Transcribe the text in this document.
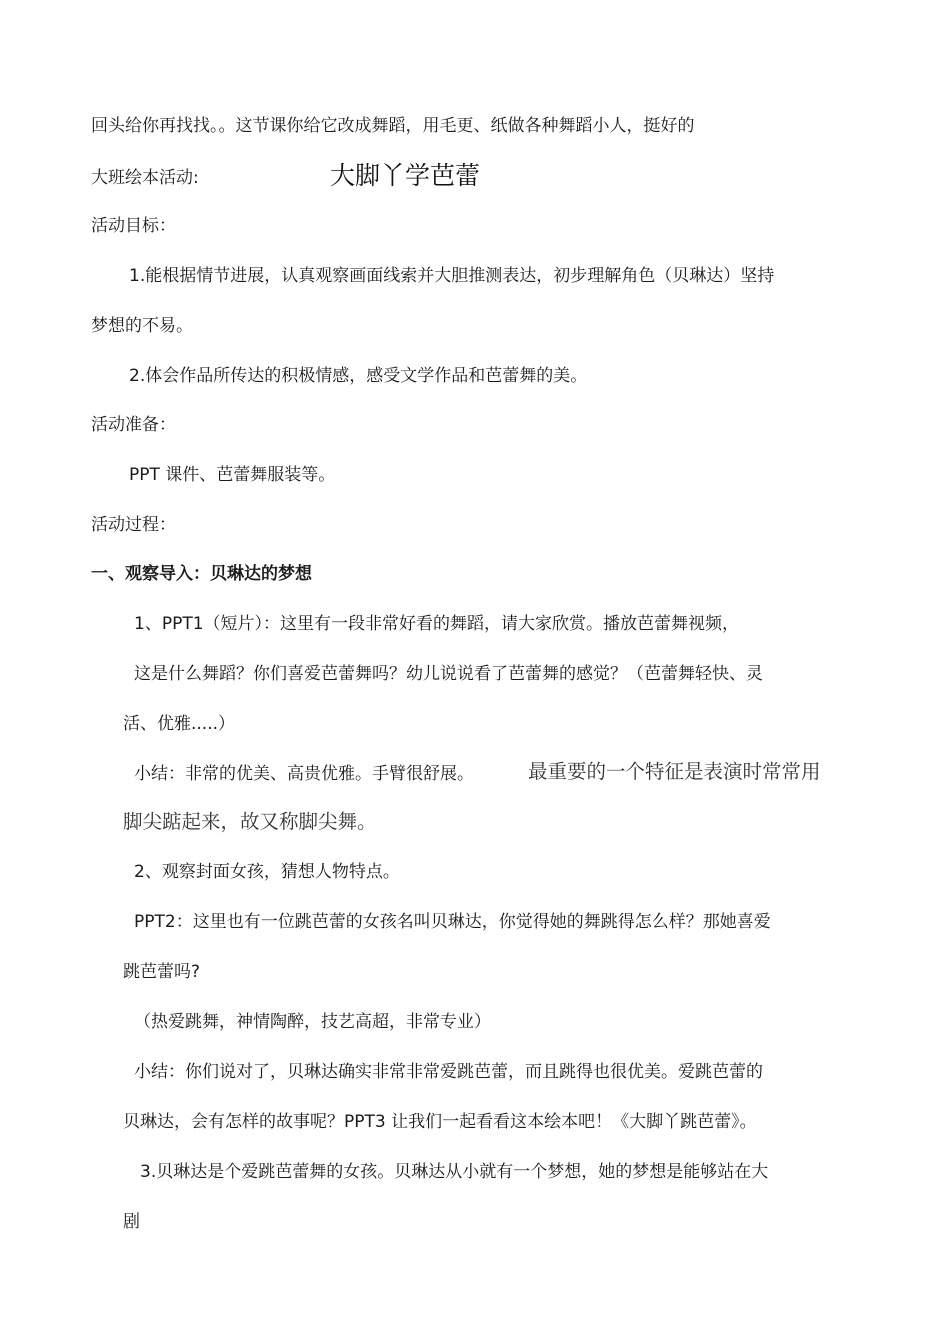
回头给你再找找。。这节课你给它改成舞蹈，用毛更、纸做各种舞蹈小人，挺好的
大班绘本活动:	大脚丫学芭蕾
活动目标：
1.能根据情节进展，认真观察画面线索并大胆推测表达，初步理解角色（贝琳达）坚持
梦想的不易。
2.体会作品所传达的积极情感，感受文学作品和芭蕾舞的美。
活动准备：
PPT 课件、芭蕾舞服装等。
活动过程：
一、观察导入：贝琳达的梦想
1、PPT1（短片）：这里有一段非常好看的舞蹈，请大家欣赏。播放芭蕾舞视频，
这是什么舞蹈？你们喜爱芭蕾舞吗？幼儿说说看了芭蕾舞的感觉？（芭蕾舞轻快、灵
活、优雅.....）
小结：非常的优美、高贵优雅。手臂很舒展。	最重要的一个特征是表演时常常用
脚尖踮起来，故又称脚尖舞。
2、观察封面女孩，猜想人物特点。
PPT2：这里也有一位跳芭蕾的女孩名叫贝琳达，你觉得她的舞跳得怎么样？那她喜爱
跳芭蕾吗?
（热爱跳舞，神情陶醉，技艺高超，非常专业）
小结：你们说对了，贝琳达确实非常非常爱跳芭蕾，而且跳得也很优美。爱跳芭蕾的
贝琳达，会有怎样的故事呢？PPT3 让我们一起看看这本绘本吧！《大脚丫跳芭蕾》。
3.贝琳达是个爱跳芭蕾舞的女孩。贝琳达从小就有一个梦想，她的梦想是能够站在大
剧
